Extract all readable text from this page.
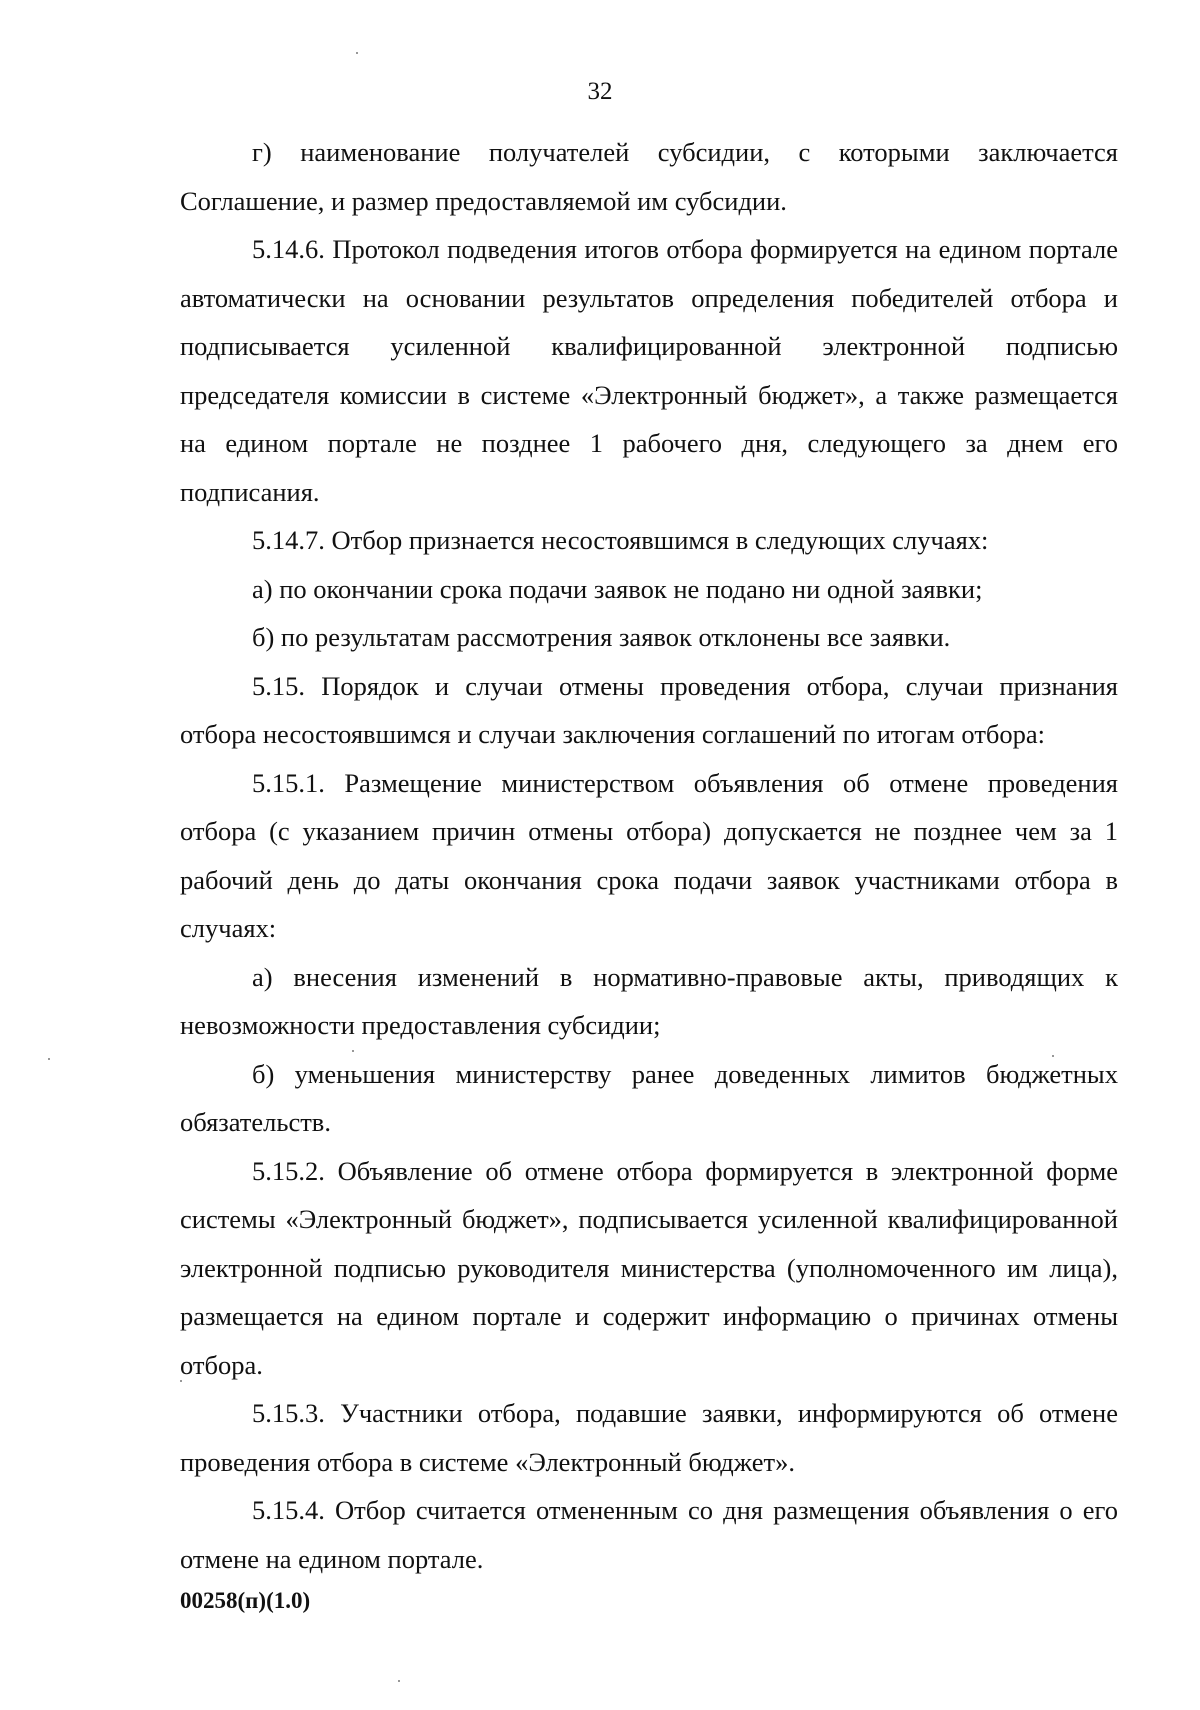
32

г) наименование получателей субсидии, с которыми заключается Соглашение, и размер предоставляемой им субсидии.

5.14.6. Протокол подведения итогов отбора формируется на едином портале автоматически на основании результатов определения победителей отбора и подписывается усиленной квалифицированной электронной подписью председателя комиссии в системе «Электронный бюджет», а также размещается на едином портале не позднее 1 рабочего дня, следующего за днем его подписания.

5.14.7. Отбор признается несостоявшимся в следующих случаях:

а) по окончании срока подачи заявок не подано ни одной заявки;

б) по результатам рассмотрения заявок отклонены все заявки.

5.15. Порядок и случаи отмены проведения отбора, случаи признания отбора несостоявшимся и случаи заключения соглашений по итогам отбора:

5.15.1. Размещение министерством объявления об отмене проведения отбора (с указанием причин отмены отбора) допускается не позднее чем за 1 рабочий день до даты окончания срока подачи заявок участниками отбора в случаях:

а) внесения изменений в нормативно-правовые акты, приводящих к невозможности предоставления субсидии;

б) уменьшения министерству ранее доведенных лимитов бюджетных обязательств.

5.15.2. Объявление об отмене отбора формируется в электронной форме системы «Электронный бюджет», подписывается усиленной квалифицированной электронной подписью руководителя министерства (уполномоченного им лица), размещается на едином портале и содержит информацию о причинах отмены отбора.

5.15.3. Участники отбора, подавшие заявки, информируются об отмене проведения отбора в системе «Электронный бюджет».

5.15.4. Отбор считается отмененным со дня размещения объявления о его отмене на едином портале.

00258(п)(1.0)
